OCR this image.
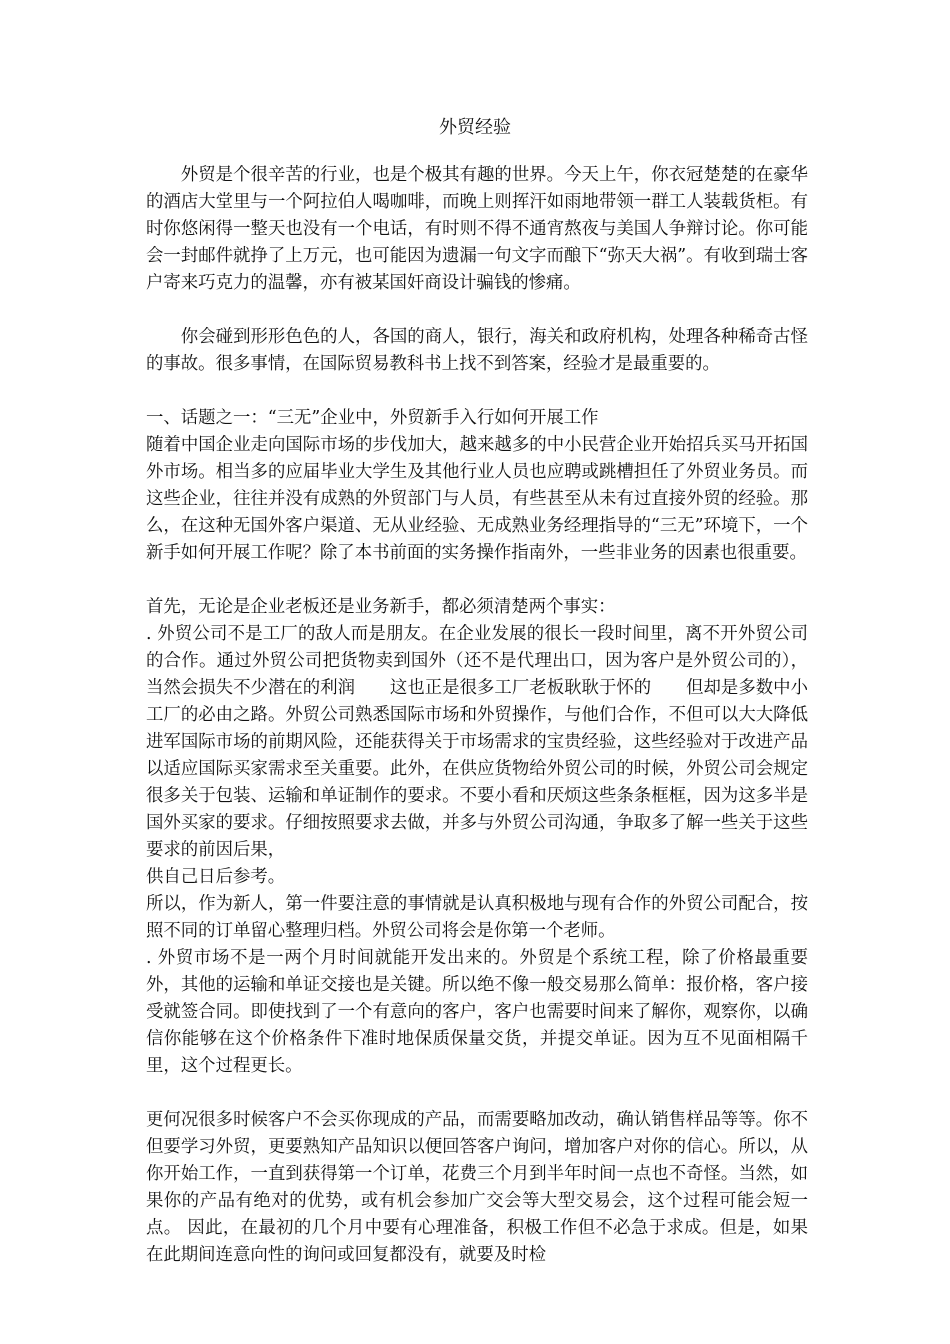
外贸经验

外贸是个很辛苦的行业，也是个极其有趣的世界。今天上午，你衣冠楚楚的在豪华的酒店大堂里与一个阿拉伯人喝咖啡，而晚上则挥汗如雨地带领一群工人装载货柜。有时你悠闲得一整天也没有一个电话，有时则不得不通宵熬夜与美国人争辩讨论。你可能会一封邮件就挣了上万元，也可能因为遗漏一句文字而酿下“弥天大祸”。有收到瑞士客户寄来巧克力的温馨，亦有被某国奸商设计骗钱的惨痛。

你会碰到形形色色的人，各国的商人，银行，海关和政府机构，处理各种稀奇古怪的事故。很多事情，在国际贸易教科书上找不到答案，经验才是最重要的。

一、话题之一：“三无”企业中，外贸新手入行如何开展工作

随着中国企业走向国际市场的步伐加大，越来越多的中小民营企业开始招兵买马开拓国外市场。相当多的应届毕业大学生及其他行业人员也应聘或跳槽担任了外贸业务员。而这些企业，往往并没有成熟的外贸部门与人员，有些甚至从未有过直接外贸的经验。那么，在这种无国外客户渠道、无从业经验、无成熟业务经理指导的“三无”环境下，一个新手如何开展工作呢？除了本书前面的实务操作指南外，一些非业务的因素也很重要。

首先，无论是企业老板还是业务新手，都必须清楚两个事实：

. 外贸公司不是工厂的敌人而是朋友。在企业发展的很长一段时间里，离不开外贸公司的合作。通过外贸公司把货物卖到国外（还不是代理出口，因为客户是外贸公司的），当然会损失不少潜在的利润　　这也正是很多工厂老板耿耿于怀的　　但却是多数中小工厂的必由之路。外贸公司熟悉国际市场和外贸操作，与他们合作，不但可以大大降低进军国际市场的前期风险，还能获得关于市场需求的宝贵经验，这些经验对于改进产品以适应国际买家需求至关重要。此外，在供应货物给外贸公司的时候，外贸公司会规定很多关于包装、运输和单证制作的要求。不要小看和厌烦这些条条框框，因为这多半是国外买家的要求。仔细按照要求去做，并多与外贸公司沟通，争取多了解一些关于这些要求的前因后果，

供自己日后参考。

所以，作为新人，第一件要注意的事情就是认真积极地与现有合作的外贸公司配合，按照不同的订单留心整理归档。外贸公司将会是你第一个老师。

. 外贸市场不是一两个月时间就能开发出来的。外贸是个系统工程，除了价格最重要外，其他的运输和单证交接也是关键。所以绝不像一般交易那么简单：报价格，客户接受就签合同。即使找到了一个有意向的客户，客户也需要时间来了解你，观察你，以确信你能够在这个价格条件下准时地保质保量交货，并提交单证。因为互不见面相隔千里，这个过程更长。

更何况很多时候客户不会买你现成的产品，而需要略加改动，确认销售样品等等。你不但要学习外贸，更要熟知产品知识以便回答客户询问，增加客户对你的信心。所以，从你开始工作，一直到获得第一个订单，花费三个月到半年时间一点也不奇怪。当然，如果你的产品有绝对的优势，或有机会参加广交会等大型交易会，这个过程可能会短一点。 因此，在最初的几个月中要有心理准备，积极工作但不必急于求成。但是，如果在此期间连意向性的询问或回复都没有，就要及时检
